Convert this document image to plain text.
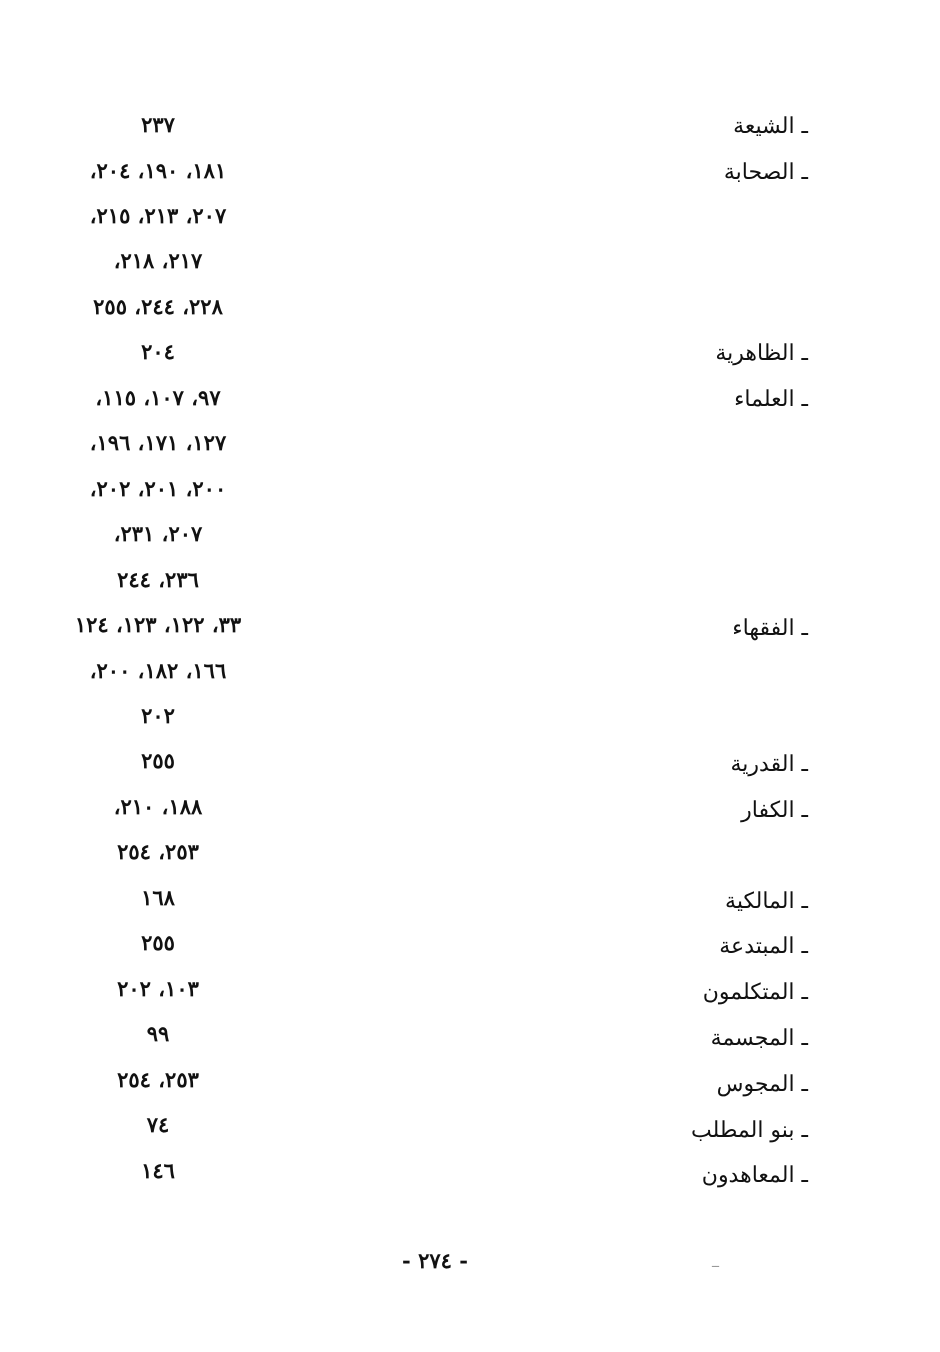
ـ الشيعة
٢٣٧
ـ الصحابة
١٨١، ١٩٠، ٢٠٤،
٢٠٧، ٢١٣، ٢١٥،
٢١٧، ٢١٨،
٢٢٨، ٢٤٤، ٢٥٥
ـ الظاهرية
٢٠٤
ـ العلماء
٩٧، ١٠٧، ١١٥،
١٢٧، ١٧١، ١٩٦،
٢٠٠، ٢٠١، ٢٠٢،
٢٠٧، ٢٣١،
٢٣٦، ٢٤٤
ـ الفقهاء
٣٣، ١٢٢، ١٢٣، ١٢٤
١٦٦، ١٨٢، ٢٠٠،
٢٠٢
ـ القدرية
٢٥٥
ـ الكفار
١٨٨، ٢١٠،
٢٥٣، ٢٥٤
ـ المالكية
١٦٨
ـ المبتدعة
٢٥٥
ـ المتكلمون
١٠٣، ٢٠٢
ـ المجسمة
٩٩
ـ المجوس
٢٥٣، ٢٥٤
ـ بنو المطلب
٧٤
ـ المعاهدون
١٤٦
- ٢٧٤ -	ــ
